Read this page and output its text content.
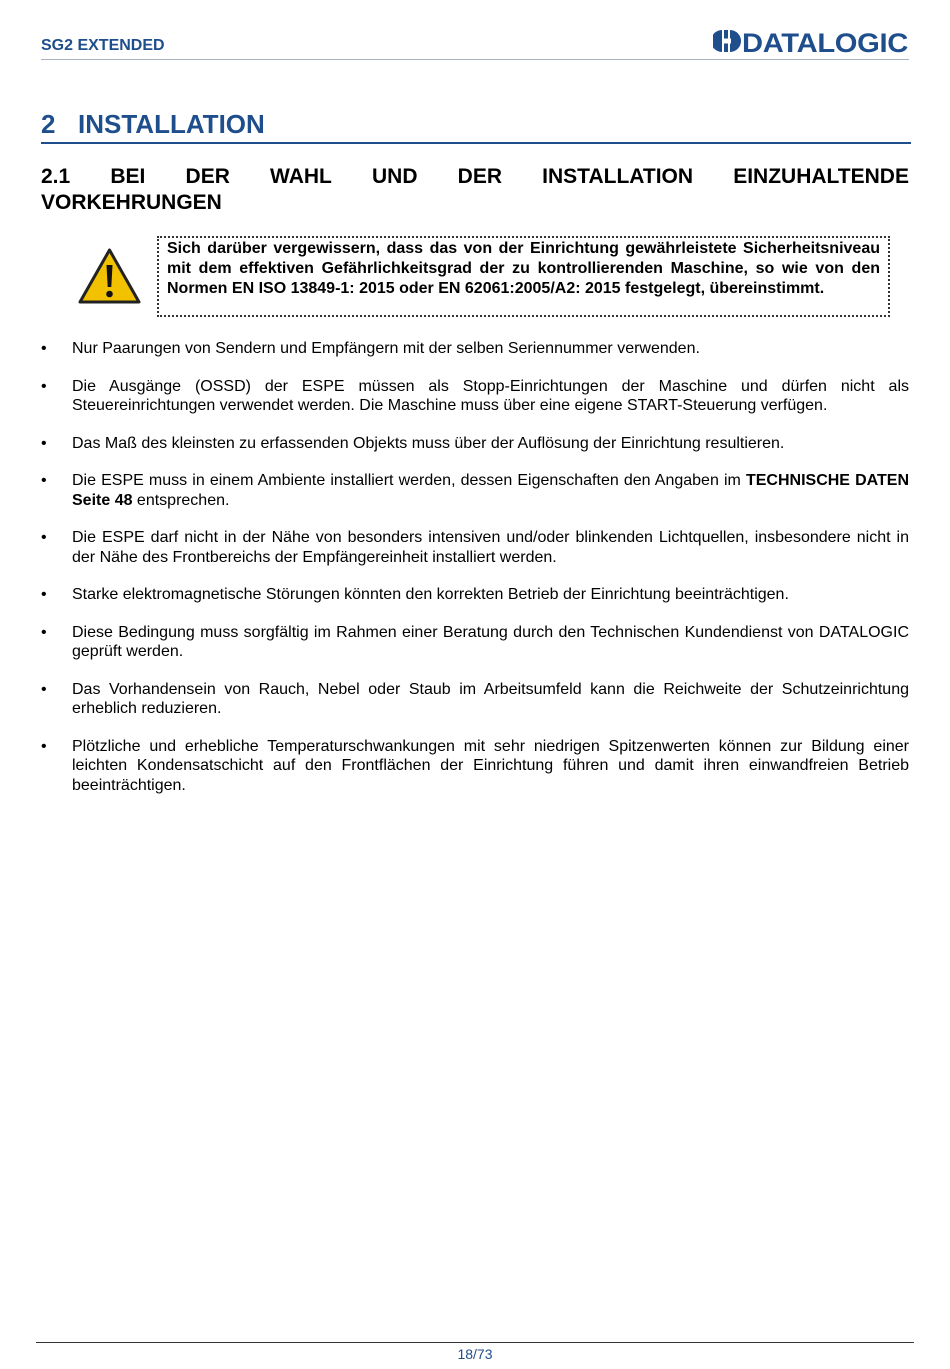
SG2 EXTENDED	DATALOGIC
2 INSTALLATION
2.1 BEI DER WAHL UND DER INSTALLATION EINZUHALTENDE
VORKEHRUNGEN
Sich darüber vergewissern, dass das von der Einrichtung gewährleistete Sicherheitsniveau mit dem effektiven Gefährlichkeitsgrad der zu kontrollierenden Maschine, so wie von den Normen EN ISO 13849-1: 2015 oder EN 62061:2005/A2: 2015 festgelegt, übereinstimmt.
• Nur Paarungen von Sendern und Empfängern mit der selben Seriennummer verwenden.
• Die Ausgänge (OSSD) der ESPE müssen als Stopp-Einrichtungen der Maschine und dürfen nicht als Steuereinrichtungen verwendet werden. Die Maschine muss über eine eigene START-Steuerung verfügen.
• Das Maß des kleinsten zu erfassenden Objekts muss über der Auflösung der Einrichtung resultieren.
• Die ESPE muss in einem Ambiente installiert werden, dessen Eigenschaften den Angaben im TECHNISCHE DATEN Seite 48 entsprechen.
• Die ESPE darf nicht in der Nähe von besonders intensiven und/oder blinkenden Lichtquellen, insbesondere nicht in der Nähe des Frontbereichs der Empfängereinheit installiert werden.
• Starke elektromagnetische Störungen könnten den korrekten Betrieb der Einrichtung beeinträchtigen.
• Diese Bedingung muss sorgfältig im Rahmen einer Beratung durch den Technischen Kundendienst von DATALOGIC geprüft werden.
• Das Vorhandensein von Rauch, Nebel oder Staub im Arbeitsumfeld kann die Reichweite der Schutzeinrichtung erheblich reduzieren.
• Plötzliche und erhebliche Temperaturschwankungen mit sehr niedrigen Spitzenwerten können zur Bildung einer leichten Kondensatschicht auf den Frontflächen der Einrichtung führen und damit ihren einwandfreien Betrieb beeinträchtigen.
18/73
